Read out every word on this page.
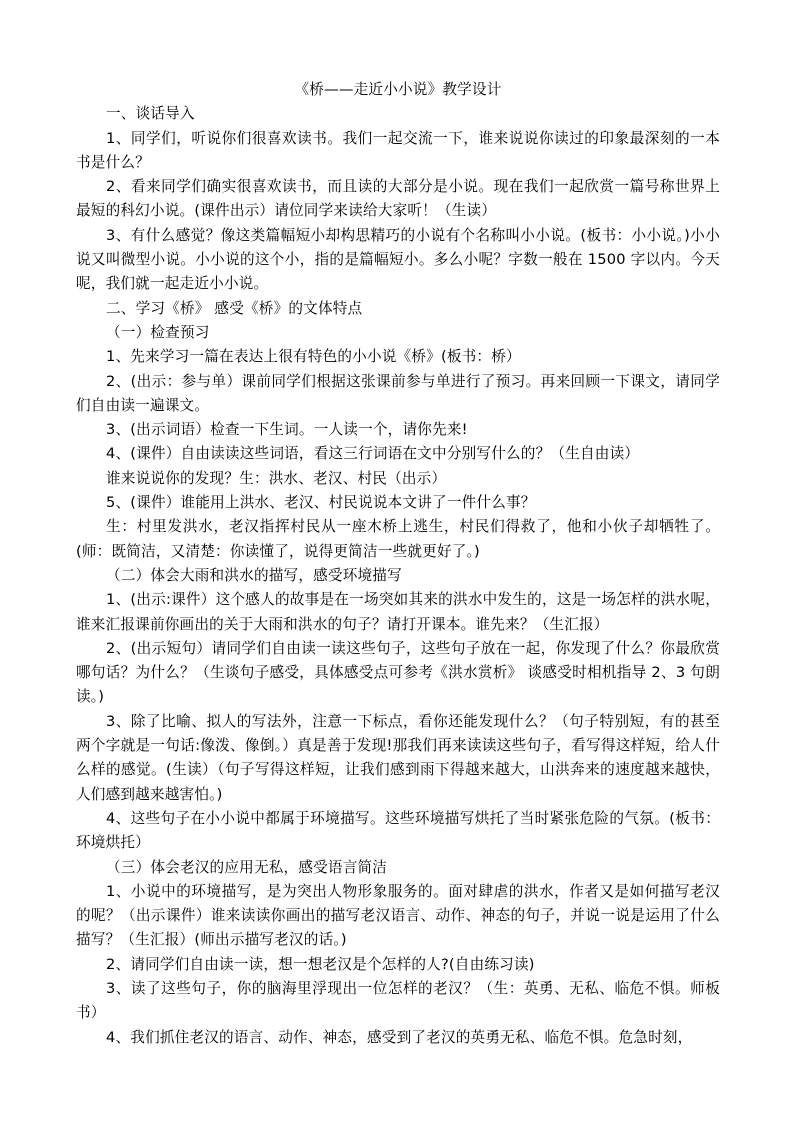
《桥——走近小小说》教学设计

一、谈话导入

1、同学们，听说你们很喜欢读书。我们一起交流一下，谁来说说你读过的印象最深刻的一本书是什么？

2、看来同学们确实很喜欢读书，而且读的大部分是小说。现在我们一起欣赏一篇号称世界上最短的科幻小说。(课件出示）请位同学来读给大家听！（生读）

3、有什么感觉？像这类篇幅短小却构思精巧的小说有个名称叫小小说。(板书：小小说。)小小说又叫微型小说。小小说的这个小，指的是篇幅短小。多么小呢？字数一般在 1500 字以内。今天呢，我们就一起走近小小说。

二、学习《桥》 感受《桥》的文体特点

（一）检查预习

1、先来学习一篇在表达上很有特色的小小说《桥》(板书：桥）

2、(出示：参与单）课前同学们根据这张课前参与单进行了预习。再来回顾一下课文，请同学们自由读一遍课文。

3、(出示词语）检查一下生词。一人读一个，请你先来!

4、(课件）自由读读这些词语，看这三行词语在文中分别写什么的？（生自由读）

谁来说说你的发现？生：洪水、老汉、村民（出示）

5、(课件）谁能用上洪水、老汉、村民说说本文讲了一件什么事？

生：村里发洪水，老汉指挥村民从一座木桥上逃生，村民们得救了，他和小伙子却牺牲了。(师：既简洁，又清楚：你读懂了，说得更简洁一些就更好了。)

（二）体会大雨和洪水的描写，感受环境描写

1、(出示:课件）这个感人的故事是在一场突如其来的洪水中发生的，这是一场怎样的洪水呢，谁来汇报课前你画出的关于大雨和洪水的句子？请打开课本。谁先来？（生汇报）

2、(出示短句）请同学们自由读一读这些句子，这些句子放在一起，你发现了什么？你最欣赏哪句话？为什么？（生谈句子感受，具体感受点可参考《洪水赏析》 谈感受时相机指导 2、3 句朗读。)

3、除了比喻、拟人的写法外，注意一下标点，看你还能发现什么？（句子特别短，有的甚至两个字就是一句话:像泼、像倒。）真是善于发现!那我们再来读读这些句子，看写得这样短，给人什么样的感觉。(生读）（句子写得这样短，让我们感到雨下得越来越大，山洪奔来的速度越来越快，人们感到越来越害怕。)

4、这些句子在小小说中都属于环境描写。这些环境描写烘托了当时紧张危险的气氛。(板书：环境烘托）

（三）体会老汉的应用无私，感受语言简洁

1、小说中的环境描写，是为突出人物形象服务的。面对肆虐的洪水，作者又是如何描写老汉的呢？（出示课件）谁来读读你画出的描写老汉语言、动作、神态的句子，并说一说是运用了什么描写？（生汇报）(师出示描写老汉的话。)

2、请同学们自由读一读，想一想老汉是个怎样的人?(自由练习读)

3、读了这些句子，你的脑海里浮现出一位怎样的老汉？（生：英勇、无私、临危不惧。师板书）

4、我们抓住老汉的语言、动作、神态，感受到了老汉的英勇无私、临危不惧。危急时刻，
